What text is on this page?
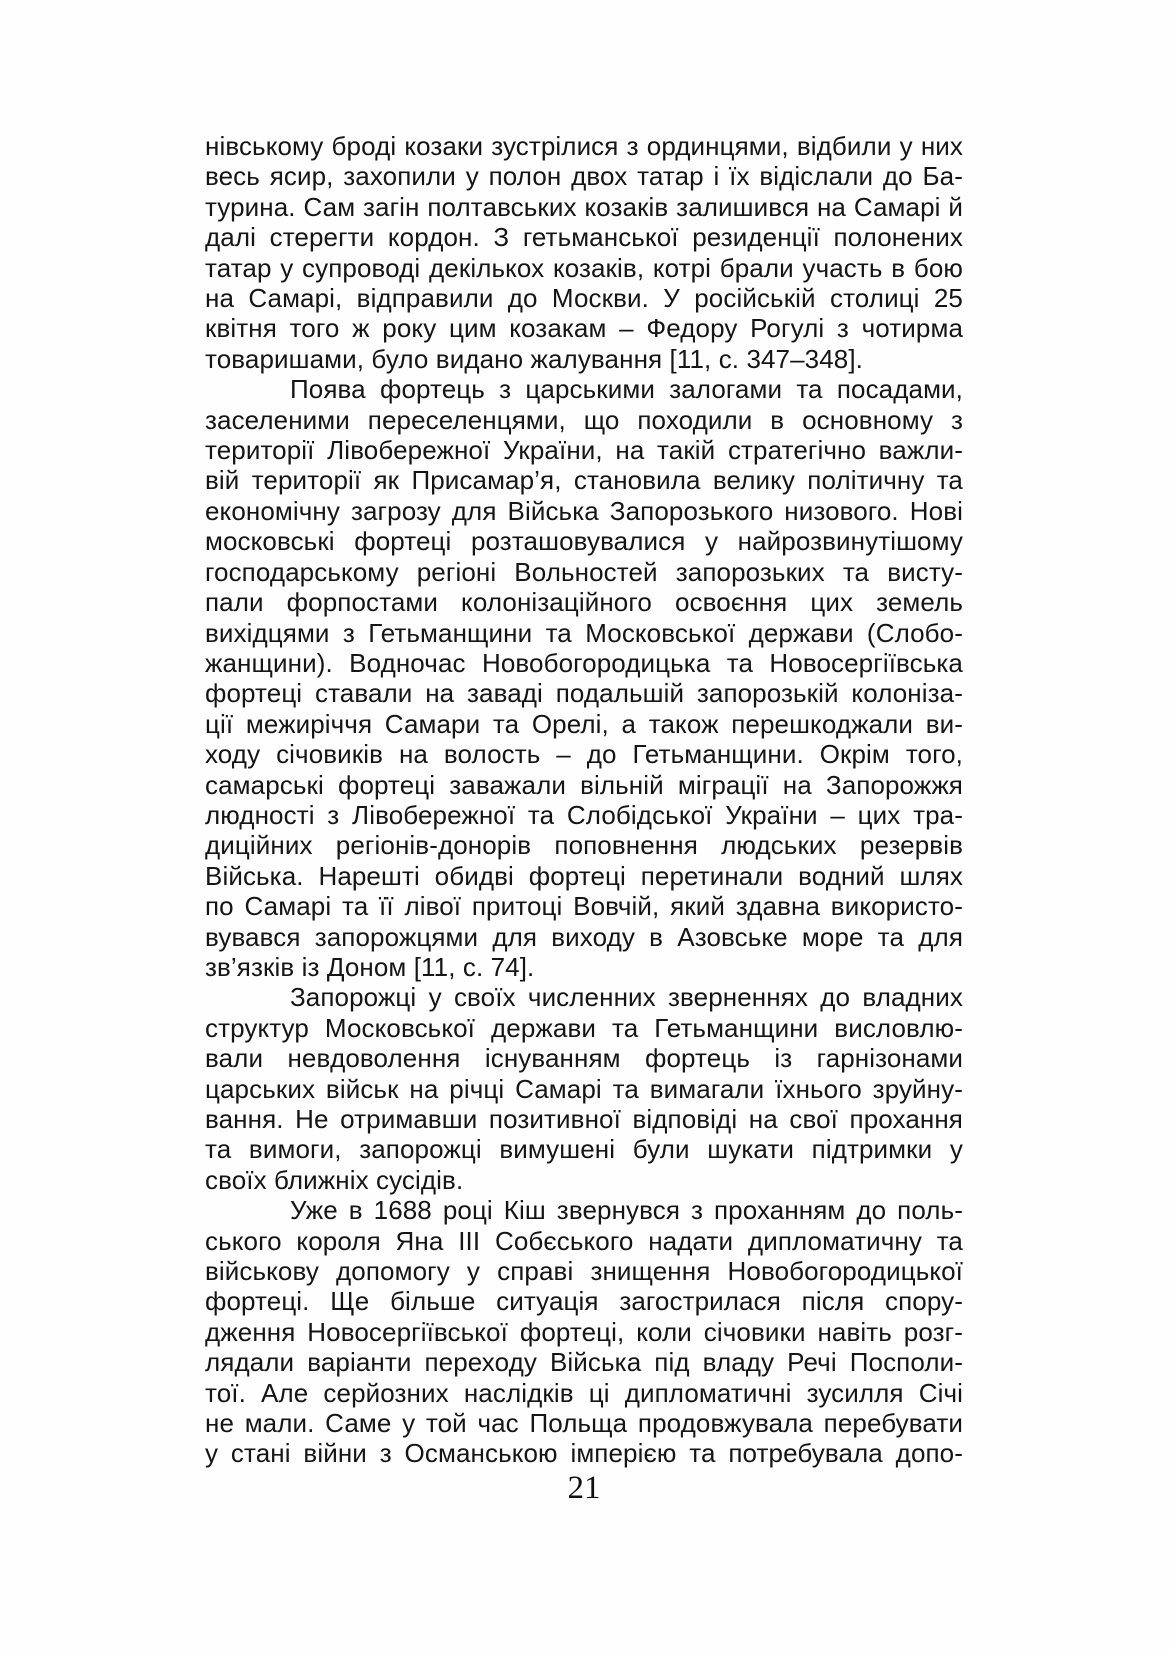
нівському броді козаки зустрілися з ординцями, відбили у них
весь ясир, захопили у полон двох татар і їх відіслали до Ба-
турина. Сам загін полтавських козаків залишився на Самарі й
далі стерегти кордон. З гетьманської резиденції полонених
татар у супроводі декількох козаків, котрі брали участь в бою
на Самарі, відправили до Москви. У російській столиці 25
квітня того ж року цим козакам – Федору Рогулі з чотирма
товаришами, було видано жалування [11, с. 347–348].
Поява фортець з царськими залогами та посадами,
заселеними переселенцями, що походили в основному з
території Лівобережної України, на такій стратегічно важли-
вій території як Присамар’я, становила велику політичну та
економічну загрозу для Війська Запорозького низового. Нові
московські фортеці розташовувалися у найрозвинутішому
господарському регіоні Вольностей запорозьких та висту-
пали форпостами колонізаційного освоєння цих земель
вихідцями з Гетьманщини та Московської держави (Слобо-
жанщини). Водночас Новобогородицька та Новосергіївська
фортеці ставали на заваді подальшій запорозькій колоніза-
ції межиріччя Самари та Орелі, а також перешкоджали ви-
ходу січовиків на волость – до Гетьманщини. Окрім того,
самарські фортеці заважали вільній міграції на Запорожжя
людності з Лівобережної та Слобідської України – цих тра-
диційних регіонів-донорів поповнення людських резервів
Війська. Нарешті обидві фортеці перетинали водний шлях
по Самарі та її лівої притоці Вовчій, який здавна використо-
вувався запорожцями для виходу в Азовське море та для
зв’язків із Доном [11, с. 74].
Запорожці у своїх численних зверненнях до владних
структур Московської держави та Гетьманщини висловлю-
вали невдоволення існуванням фортець із гарнізонами
царських військ на річці Самарі та вимагали їхнього зруйну-
вання. Не отримавши позитивної відповіді на свої прохання
та вимоги, запорожці вимушені були шукати підтримки у
своїх ближніх сусідів.
Уже в 1688 році Кіш звернувся з проханням до поль-
ського короля Яна III Собєського надати дипломатичну та
військову допомогу у справі знищення Новобогородицької
фортеці. Ще більше ситуація загострилася після спору-
дження Новосергіївської фортеці, коли січовики навіть розг-
лядали варіанти переходу Війська під владу Речі Посполи-
тої. Але серйозних наслідків ці дипломатичні зусилля Січі
не мали. Саме у той час Польща продовжувала перебувати
у стані війни з Османською імперією та потребувала допо-
21
